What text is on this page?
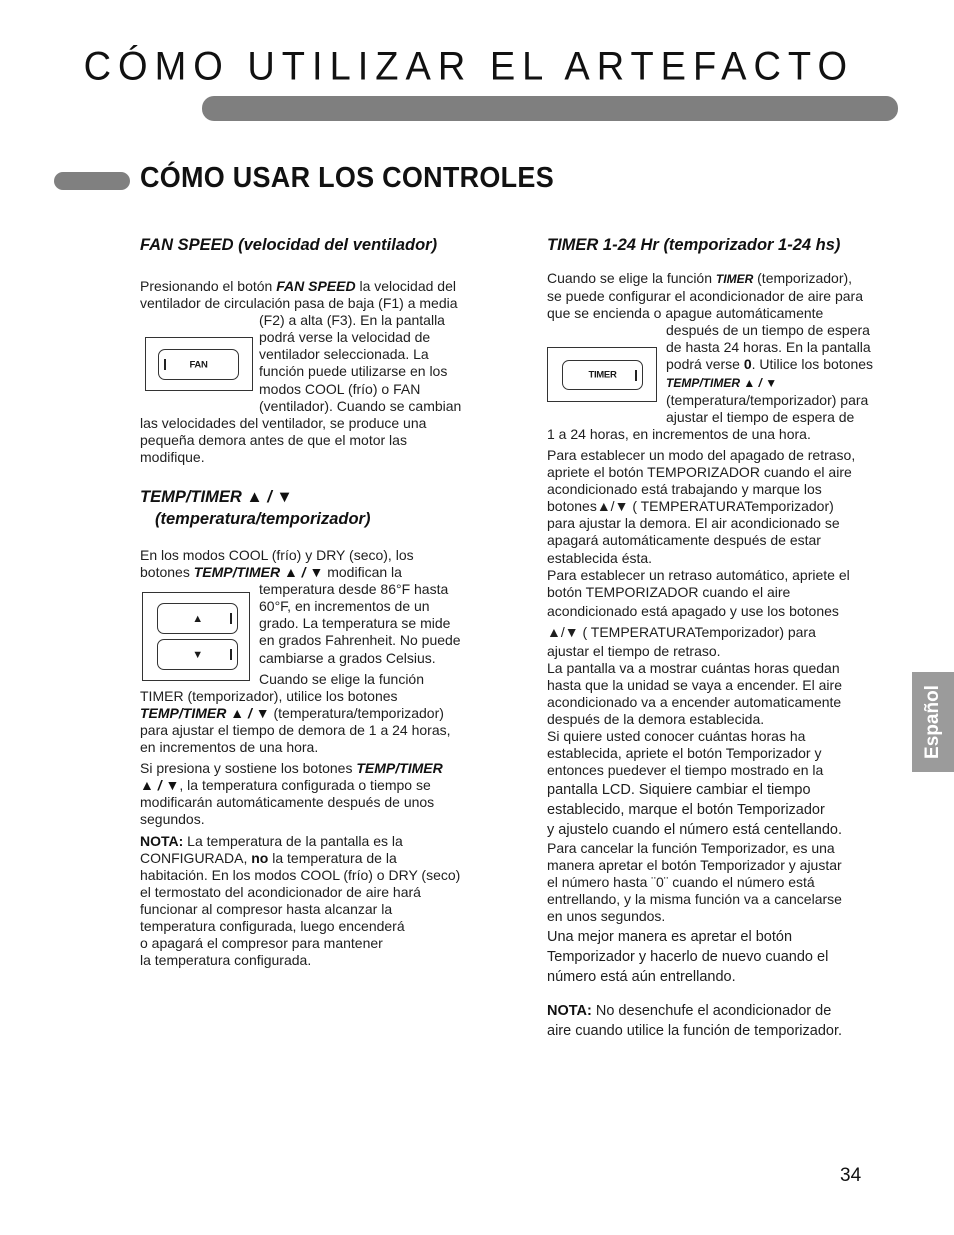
CÓMO UTILIZAR EL ARTEFACTO
CÓMO USAR LOS CONTROLES
FAN SPEED (velocidad del ventilador)
Presionando el botón FAN SPEED la velocidad del
ventilador de circulación pasa de baja (F1) a media
(F2) a alta (F3). En la pantalla
podrá verse la velocidad de
ventilador seleccionada. La
función puede utilizarse en los
modos COOL (frío) o FAN
(ventilador). Cuando se cambian
las velocidades del ventilador, se produce una
pequeña demora antes de que el motor las
modifique.
FAN
TEMP/TIMER ▲ / ▼
(temperatura/temporizador)
En los modos COOL (frío) y DRY (seco), los
botones TEMP/TIMER ▲ / ▼ modifican la
temperatura desde 86°F hasta
60°F, en incrementos de un
grado. La temperatura se mide
en grados Fahrenheit. No puede
cambiarse a grados Celsius.
Cuando se elige la función
TIMER (temporizador), utilice los botones
TEMP/TIMER ▲ / ▼ (temperatura/temporizador)
para ajustar el tiempo de demora de 1 a 24 horas,
en incrementos de una hora.
Si presiona y sostiene los botones TEMP/TIMER
▲ / ▼, la temperatura configurada o tiempo se
modificarán automáticamente después de unos
segundos.
NOTA: La temperatura de la pantalla es la
CONFIGURADA, no la temperatura de la
habitación. En los modos COOL (frío) o DRY (seco)
el termostato del acondicionador de aire hará
funcionar al compresor hasta alcanzar la
temperatura configurada, luego encenderá
o apagará el compresor para mantener
la temperatura configurada.
▲
▼
TIMER 1-24 Hr (temporizador 1-24 hs)
Cuando se elige la función TIMER (temporizador),
se puede configurar el acondicionador de aire para
que se encienda o apague automáticamente
después de un tiempo de espera
de hasta 24 horas. En la pantalla
podrá verse 0. Utilice los botones
TEMP/TIMER ▲ / ▼
(temperatura/temporizador) para
ajustar el tiempo de espera de
1 a 24 horas, en incrementos de una hora.
Para establecer un modo del apagado de retraso,
apriete el botón TEMPORIZADOR cuando el aire
acondicionado está trabajando y marque los
botones▲/▼ ( TEMPERATURATemporizador)
para ajustar la demora. El air acondicionado se
apagará automáticamente después de estar
establecida ésta.
Para establecer un retraso automático, apriete el
botón TEMPORIZADOR cuando el aire
acondicionado está apagado y use los botones
▲/▼ ( TEMPERATURATemporizador) para
ajustar el tiempo de retraso.
La pantalla va a mostrar cuántas horas quedan
hasta que la unidad se vaya a encender. El aire
acondicionado va a encender automaticamente
después de la demora establecida.
Si quiere usted conocer cuántas horas ha
establecida, apriete el botón Temporizador y
entonces puedever el tiempo mostrado en la
pantalla LCD. Siquiere cambiar el tiempo
establecido, marque el botón Temporizador
y ajustelo cuando el número está centellando.
Para cancelar la función Temporizador, es una
manera apretar el botón Temporizador y ajustar
el número hasta ¨0¨ cuando el número está
entrellando, y la misma función va a cancelarse
en unos segundos.
Una mejor manera es apretar el botón
Temporizador y hacerlo de nuevo cuando el
número está aún entrellando.
NOTA: No desenchufe el acondicionador de
aire cuando utilice la función de temporizador.
TIMER
Español
34
